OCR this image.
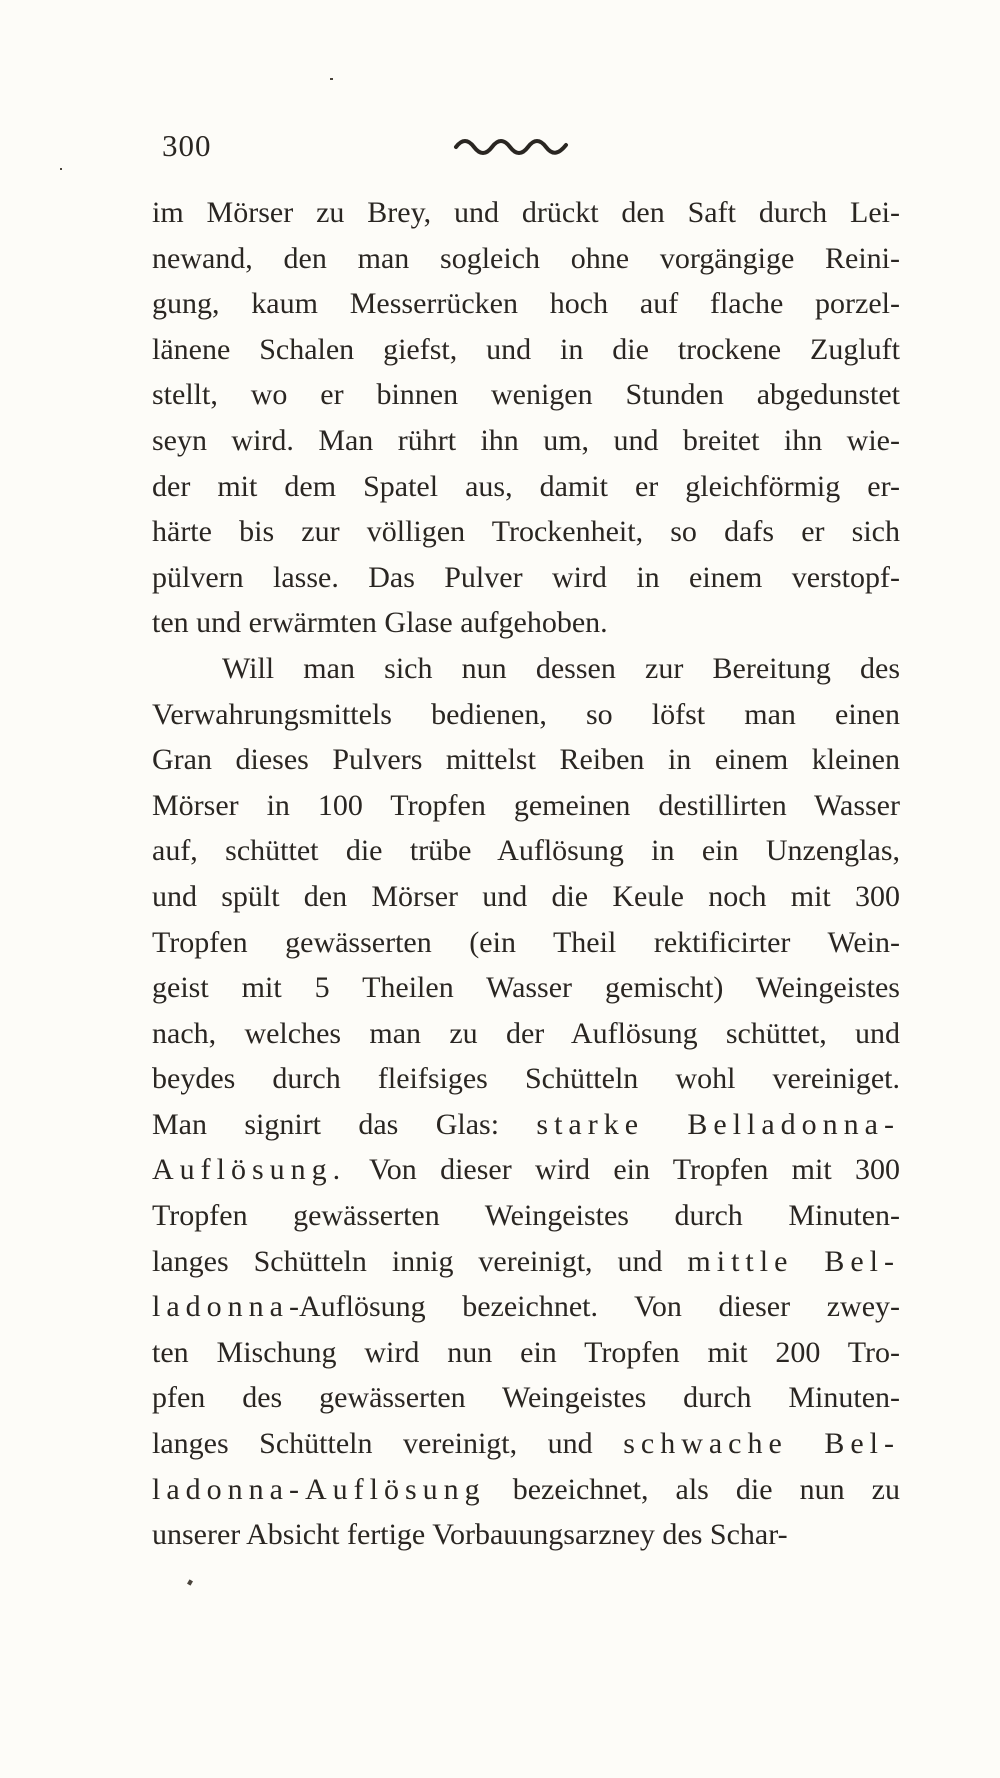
300
im Mörser zu Brey, und drückt den Saft durch Lei-
newand, den man sogleich ohne vorgängige Reini-
gung, kaum Messerrücken hoch auf flache porzel-
länene Schalen giefst, und in die trockene Zugluft
stellt, wo er binnen wenigen Stunden abgedunstet
seyn wird. Man rührt ihn um, und breitet ihn wie-
der mit dem Spatel aus, damit er gleichförmig er-
härte bis zur völligen Trockenheit, so dafs er sich
pülvern lasse. Das Pulver wird in einem verstopf-
ten und erwärmten Glase aufgehoben.
Will man sich nun dessen zur Bereitung des
Verwahrungsmittels bedienen, so löfst man einen
Gran dieses Pulvers mittelst Reiben in einem kleinen
Mörser in 100 Tropfen gemeinen destillirten Wasser
auf, schüttet die trübe Auflösung in ein Unzenglas,
und spült den Mörser und die Keule noch mit 300
Tropfen gewässerten (ein Theil rektificirter Wein-
geist mit 5 Theilen Wasser gemischt) Weingeistes
nach, welches man zu der Auflösung schüttet, und
beydes durch fleifsiges Schütteln wohl vereiniget.
Man signirt das Glas: starke Belladonna-
Auflösung. Von dieser wird ein Tropfen mit 300
Tropfen gewässerten Weingeistes durch Minuten-
langes Schütteln innig vereinigt, und mittle Bel-
ladonna-Auflösung bezeichnet. Von dieser zwey-
ten Mischung wird nun ein Tropfen mit 200 Tro-
pfen des gewässerten Weingeistes durch Minuten-
langes Schütteln vereinigt, und schwache Bel-
ladonna-Auflösung bezeichnet, als die nun zu
unserer Absicht fertige Vorbauungsarzney des Schar-
